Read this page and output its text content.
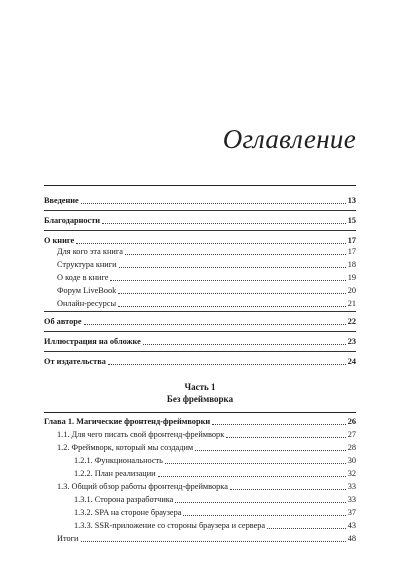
Оглавление
Введение	13
Благодарности	15
О книге	17
Для кого эта книга	17
Структура книги	18
О коде в книге	19
Форум LiveBook	20
Онлайн-ресурсы	21
Об авторе	22
Иллюстрация на обложке	23
От издательства	24
Часть 1
Без фреймворка
Глава 1. Магические фронтенд-фреймворки	26
1.1. Для чего писать свой фронтенд-фреймворк	27
1.2. Фреймворк, который мы создадим	28
1.2.1. Функциональность	30
1.2.2. План реализации	32
1.3. Общий обзор работы фронтенд-фреймворка	33
1.3.1. Сторона разработчика	33
1.3.2. SPA на стороне браузера	37
1.3.3. SSR-приложение со стороны браузера и сервера	43
Итоги	48
